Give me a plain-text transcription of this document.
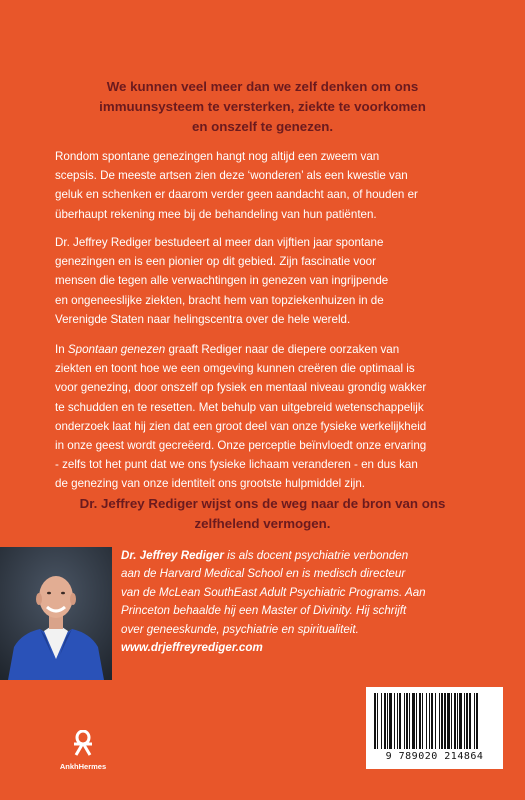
We kunnen veel meer dan we zelf denken om ons
immuunsysteem te versterken, ziekte te voorkomen
en onszelf te genezen.

Rondom spontane genezingen hangt nog altijd een zweem van
scepsis. De meeste artsen zien deze ‘wonderen’ als een kwestie van
geluk en schenken er daarom verder geen aandacht aan, of houden er
überhaupt rekening mee bij de behandeling van hun patiënten.

Dr. Jeffrey Rediger bestudeert al meer dan vijftien jaar spontane
genezingen en is een pionier op dit gebied. Zijn fascinatie voor
mensen die tegen alle verwachtingen in genezen van ingrijpende
en ongeneeslijke ziekten, bracht hem van topziekenhuizen in de
Verenigde Staten naar helingscentra over de hele wereld.

In Spontaan genezen graaft Rediger naar de diepere oorzaken van
ziekten en toont hoe we een omgeving kunnen creëren die optimaal is
voor genezing, door onszelf op fysiek en mentaal niveau grondig wakker
te schudden en te resetten. Met behulp van uitgebreid wetenschappelijk
onderzoek laat hij zien dat een groot deel van onze fysieke werkelijkheid
in onze geest wordt gecreëerd. Onze perceptie beïnvloedt onze ervaring
- zelfs tot het punt dat we ons fysieke lichaam veranderen - en dus kan
de genezing van onze identiteit ons grootste hulpmiddel zijn.

Dr. Jeffrey Rediger wijst ons de weg naar de bron van ons
zelfhelend vermogen.

Dr. Jeffrey Rediger is als docent psychiatrie verbonden
aan de Harvard Medical School en is medisch directeur
van de McLean SouthEast Adult Psychiatric Programs. Aan
Princeton behaalde hij een Master of Divinity. Hij schrijft
over geneeskunde, psychiatrie en spiritualiteit.
www.drjeffreyrediger.com

AnkhHermes
9 789020 214864
